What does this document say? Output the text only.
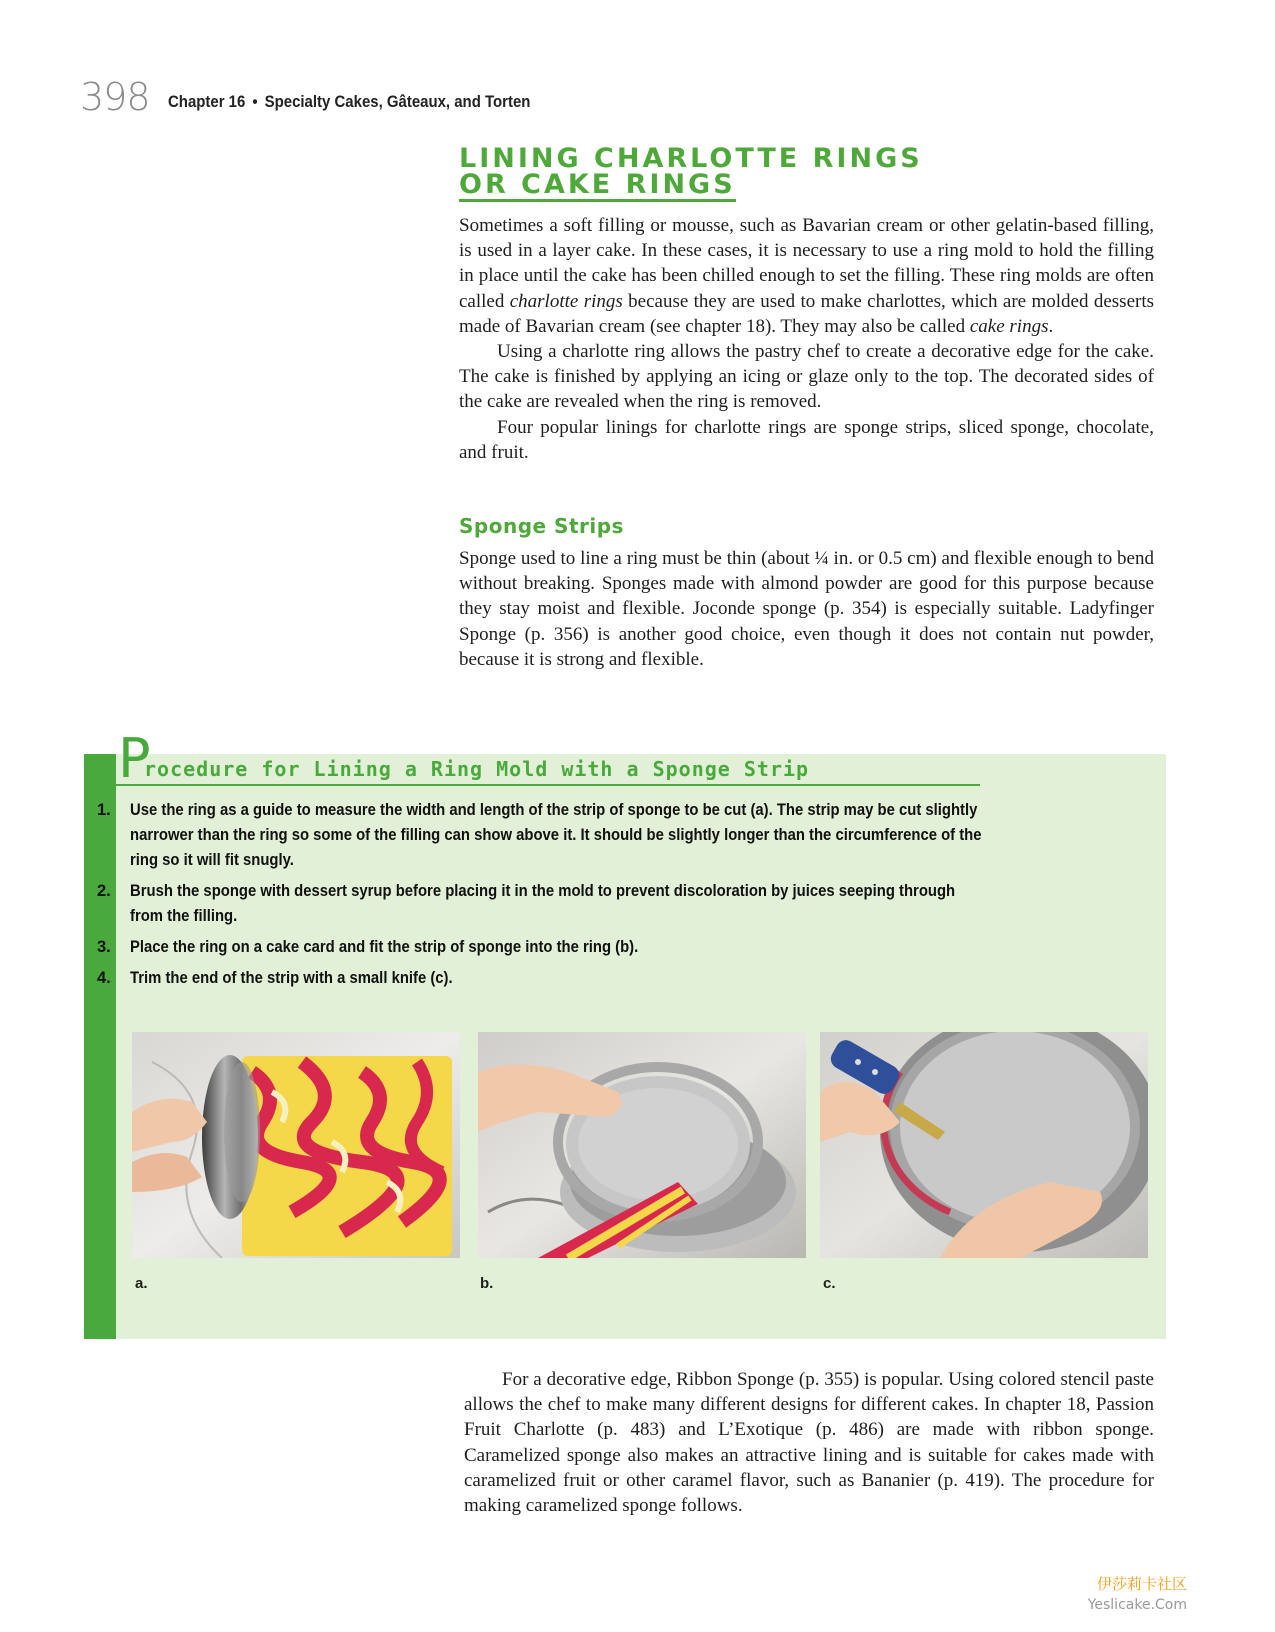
398 Chapter 16 • Specialty Cakes, Gâteaux, and Torten
LINING CHARLOTTE RINGS
OR CAKE RINGS

Sometimes a soft filling or mousse, such as Bavarian cream or other gelatin-based filling, is used in a layer cake. In these cases, it is necessary to use a ring mold to hold the filling in place until the cake has been chilled enough to set the filling. These ring molds are often called charlotte rings because they are used to make charlottes, which are molded desserts made of Bavarian cream (see chapter 18). They may also be called cake rings.

Using a charlotte ring allows the pastry chef to create a decorative edge for the cake. The cake is finished by applying an icing or glaze only to the top. The decorated sides of the cake are revealed when the ring is removed.

Four popular linings for charlotte rings are sponge strips, sliced sponge, chocolate, and fruit.

Sponge Strips

Sponge used to line a ring must be thin (about ¼ in. or 0.5 cm) and flexible enough to bend without breaking. Sponges made with almond powder are good for this purpose because they stay moist and flexible. Joconde sponge (p. 354) is especially suitable. Ladyfinger Sponge (p. 356) is another good choice, even though it does not contain nut powder, because it is strong and flexible.

P
rocedure for Lining a Ring Mold with a Sponge Strip
1.	Use the ring as a guide to measure the width and length of the strip of sponge to be cut (a). The strip may be cut slightly narrower than the ring so some of the filling can show above it. It should be slightly longer than the circumference of the ring so it will fit snugly.
2.	Brush the sponge with dessert syrup before placing it in the mold to prevent discoloration by juices seeping through from the filling.
3.	Place the ring on a cake card and fit the strip of sponge into the ring (b).
4.	Trim the end of the strip with a small knife (c).
a.	b.	c.

For a decorative edge, Ribbon Sponge (p. 355) is popular. Using colored stencil paste allows the chef to make many different designs for different cakes. In chapter 18, Passion Fruit Charlotte (p. 483) and L’Exotique (p. 486) are made with ribbon sponge. Caramelized sponge also makes an attractive lining and is suitable for cakes made with caramelized fruit or other caramel flavor, such as Bananier (p. 419). The procedure for making caramelized sponge follows.

伊莎莉卡社区
Yeslicake.Com
